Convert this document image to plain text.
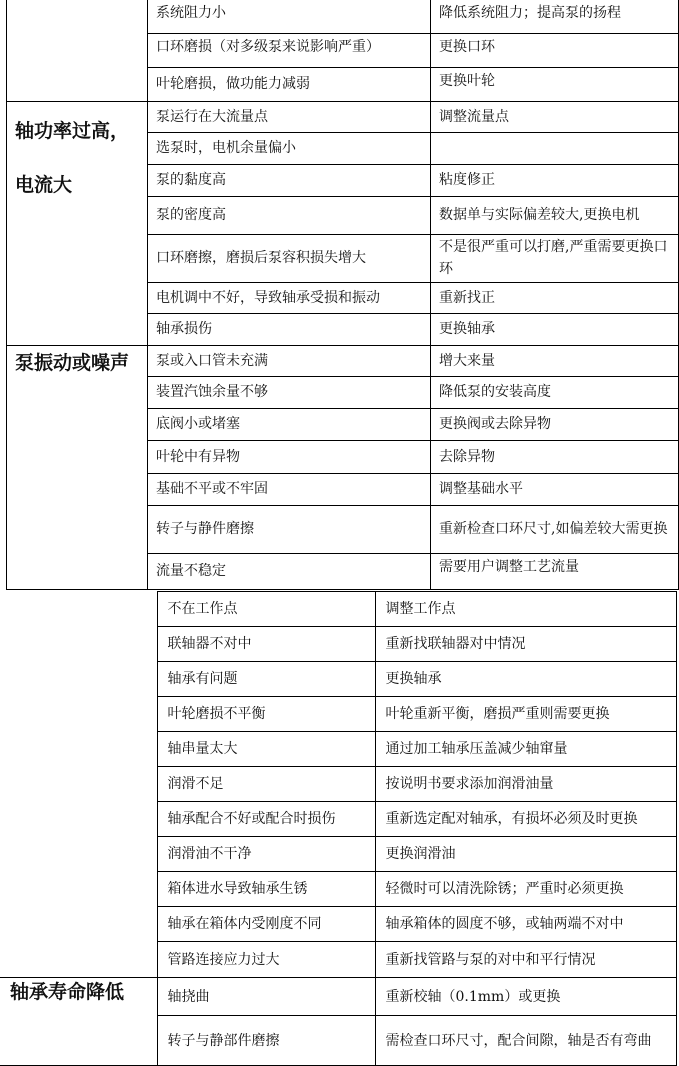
	系统阻力小	降低系统阻力；提高泵的扬程
	口环磨损（对多级泵来说影响严重）	更换口环
	叶轮磨损，做功能力减弱	更换叶轮

轴功率过高，
电流大	泵运行在大流量点	调整流量点
	选泵时，电机余量偏小	
	泵的黏度高	粘度修正
	泵的密度高	数据单与实际偏差较大,更换电机
	口环磨擦，磨损后泵容积损失增大	不是很严重可以打磨,严重需要更换口环
	电机调中不好，导致轴承受损和振动	重新找正
	轴承损伤	更换轴承

泵振动或噪声	泵或入口管未充满	增大来量
	装置汽蚀余量不够	降低泵的安装高度
	底阀小或堵塞	更换阀或去除异物
	叶轮中有异物	去除异物
	基础不平或不牢固	调整基础水平
	转子与静件磨擦	重新检查口环尺寸,如偏差较大需更换
	流量不稳定	需要用户调整工艺流量
	不在工作点	调整工作点
	联轴器不对中	重新找联轴器对中情况
	轴承有问题	更换轴承
	叶轮磨损不平衡	叶轮重新平衡，磨损严重则需要更换
	轴串量太大	通过加工轴承压盖减少轴窜量
	润滑不足	按说明书要求添加润滑油量
	轴承配合不好或配合时损伤	重新选定配对轴承，有损坏必须及时更换
	润滑油不干净	更换润滑油
	箱体进水导致轴承生锈	轻微时可以清洗除锈；严重时必须更换
	轴承在箱体内受刚度不同	轴承箱体的圆度不够，或轴两端不对中
	管路连接应力过大	重新找管路与泵的对中和平行情况

轴承寿命降低	轴挠曲	重新校轴（0.1mm）或更换
	转子与静部件磨擦	需检查口环尺寸，配合间隙，轴是否有弯曲
